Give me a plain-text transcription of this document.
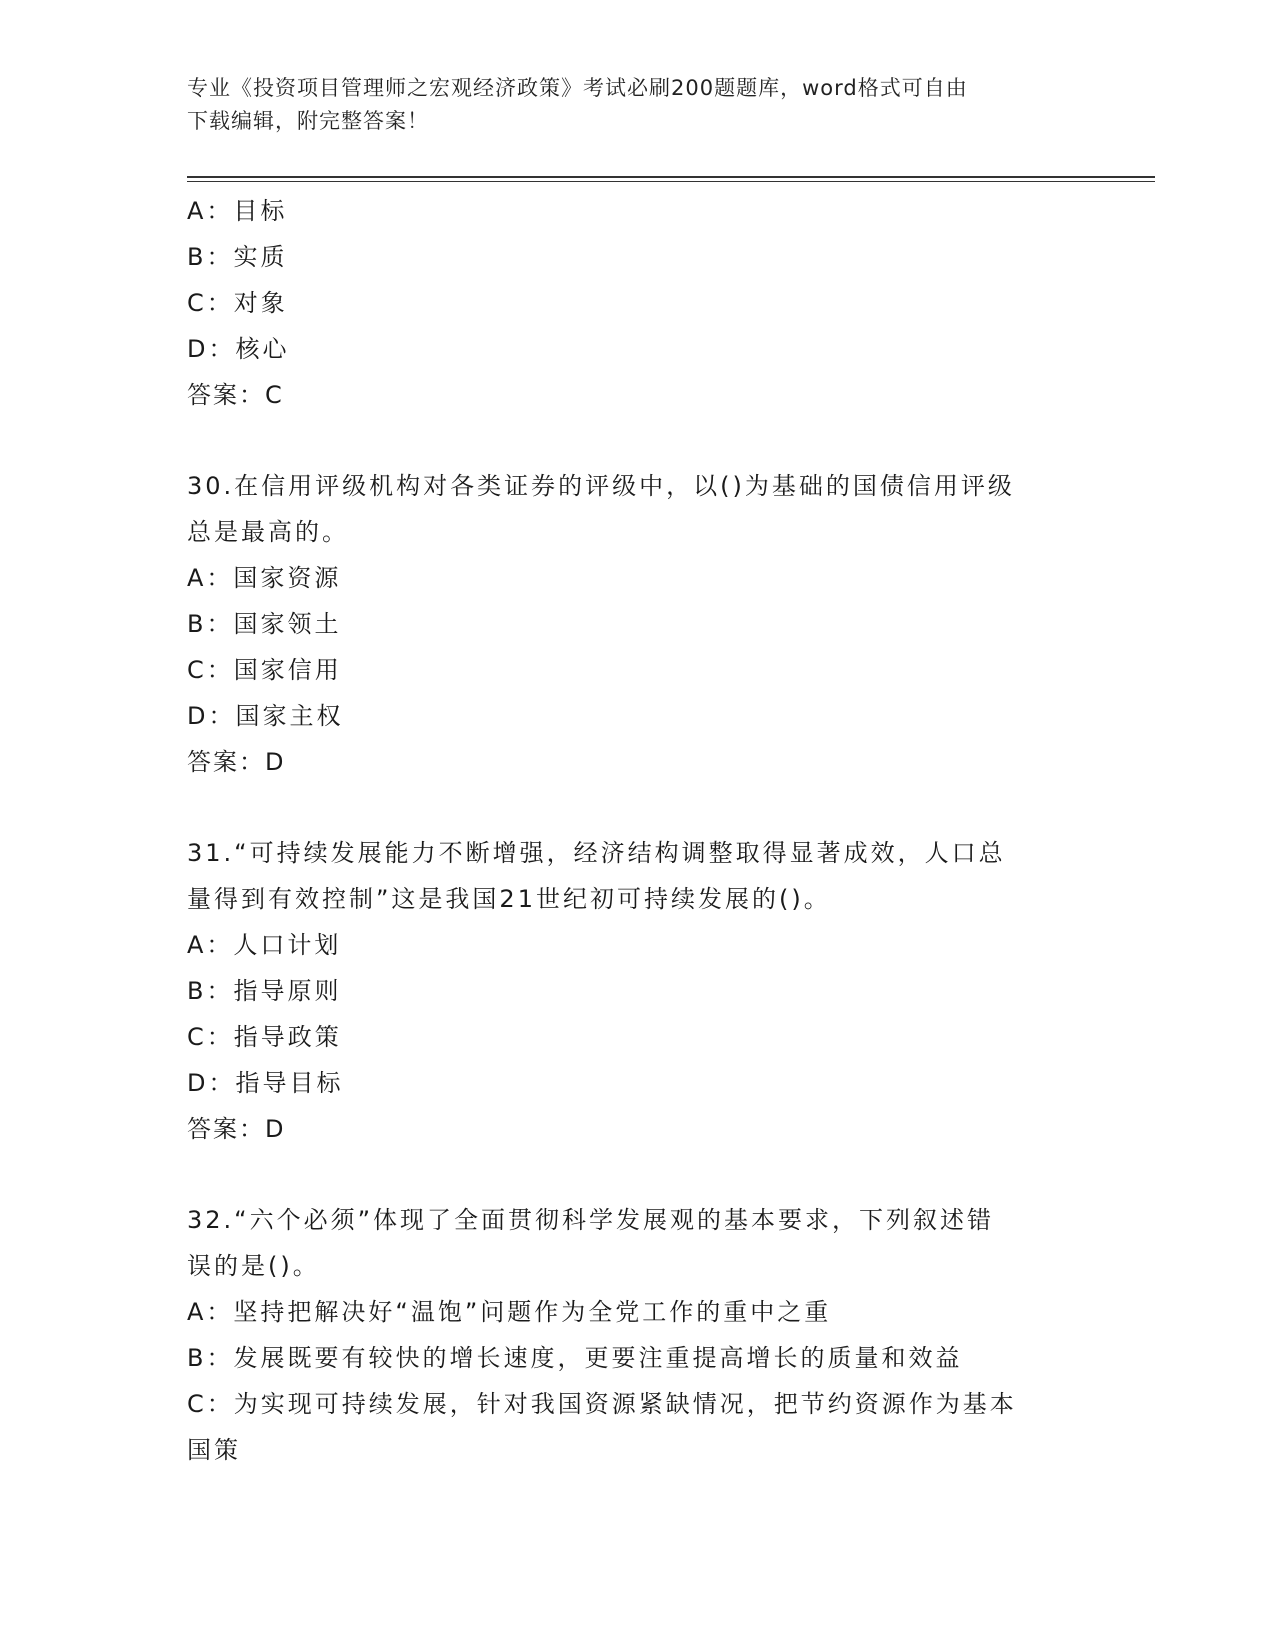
专业《投资项目管理师之宏观经济政策》考试必刷200题题库，word格式可自由
下载编辑，附完整答案！
A：目标
B：实质
C：对象
D：核心
答案：C
30.在信用评级机构对各类证券的评级中，以()为基础的国债信用评级
总是最高的。
A：国家资源
B：国家领土
C：国家信用
D：国家主权
答案：D
31.“可持续发展能力不断增强，经济结构调整取得显著成效，人口总
量得到有效控制”这是我国21世纪初可持续发展的()。
A：人口计划
B：指导原则
C：指导政策
D：指导目标
答案：D
32.“六个必须”体现了全面贯彻科学发展观的基本要求，下列叙述错
误的是()。
A：坚持把解决好“温饱”问题作为全党工作的重中之重
B：发展既要有较快的增长速度，更要注重提高增长的质量和效益
C：为实现可持续发展，针对我国资源紧缺情况，把节约资源作为基本
国策
